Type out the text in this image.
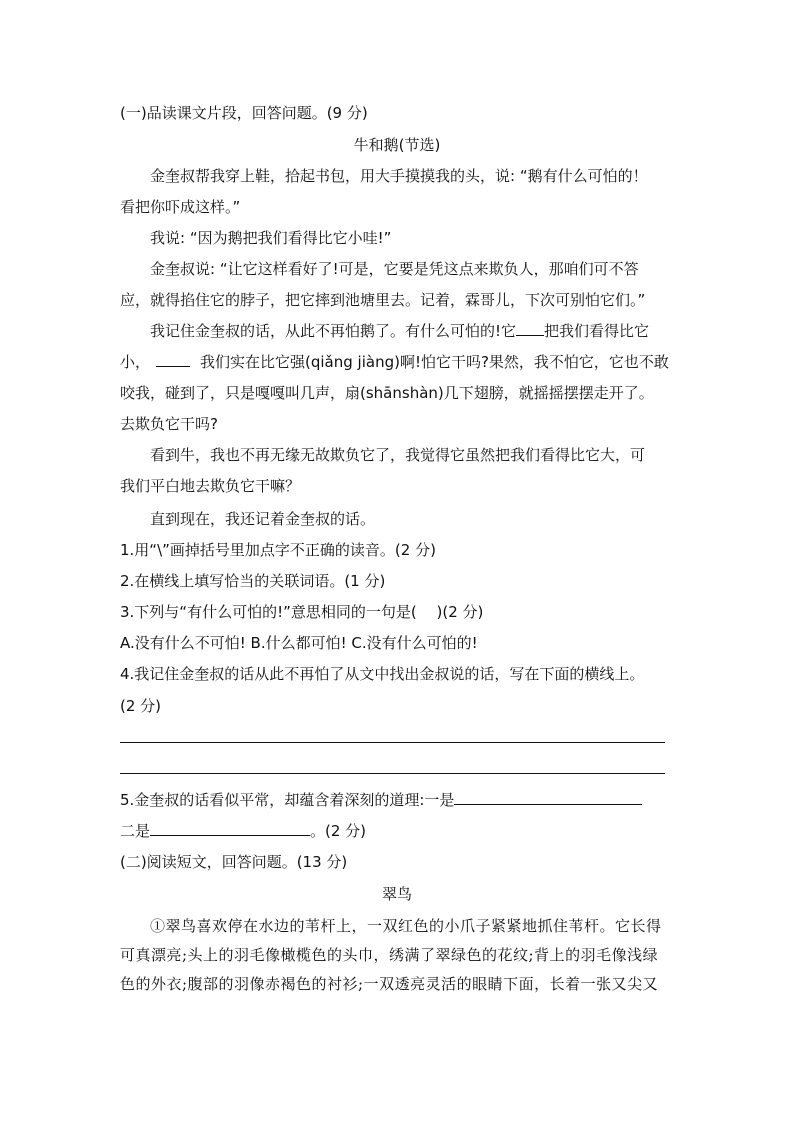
(一)品读课文片段，回答问题。(9 分)
牛和鹅(节选)
金奎叔帮我穿上鞋，拾起书包，用大手摸摸我的头，说: “鹅有什么可怕的！
看把你吓成这样。”
我说: “因为鹅把我们看得比它小哇!”
金奎叔说: “让它这样看好了!可是，它要是凭这点来欺负人，那咱们可不答
应，就得掐住它的脖子，把它摔到池塘里去。记着，霖哥儿，下次可别怕它们。”
我记住金奎叔的话，从此不再怕鹅了。有什么可怕的!它 把我们看得比它
小，	我们实在比它强(qiǎng jiàng)啊!怕它干吗?果然，我不怕它，它也不敢
咬我，碰到了，只是嘎嘎叫几声，扇(shānshàn)几下翅膀，就摇摇摆摆走开了。
去欺负它干吗?
看到牛，我也不再无缘无故欺负它了，我觉得它虽然把我们看得比它大，可
我们平白地去欺负它干嘛？
直到现在，我还记着金奎叔的话。
1.用“\”画掉括号里加点字不正确的读音。(2 分)
2.在横线上填写恰当的关联词语。(1 分)
3.下列与“有什么可怕的!”意思相同的一句是(　 )(2 分)
A.没有什么不可怕! B.什么都可怕! C.没有什么可怕的!
4.我记住金奎叔的话从此不再怕了从文中找出金叔说的话，写在下面的横线上。
(2 分)
5.金奎叔的话看似平常，却蕴含着深刻的道理:一是
二是	。(2 分)
(二)阅读短文，回答问题。(13 分)
翠鸟
①翠鸟喜欢停在水边的苇杆上，一双红色的小爪子紧紧地抓住苇杆。它长得
可真漂亮;头上的羽毛像橄榄色的头巾，绣满了翠绿色的花纹;背上的羽毛像浅绿
色的外衣;腹部的羽像赤褐色的衬衫;一双透亮灵活的眼睛下面，长着一张又尖又
